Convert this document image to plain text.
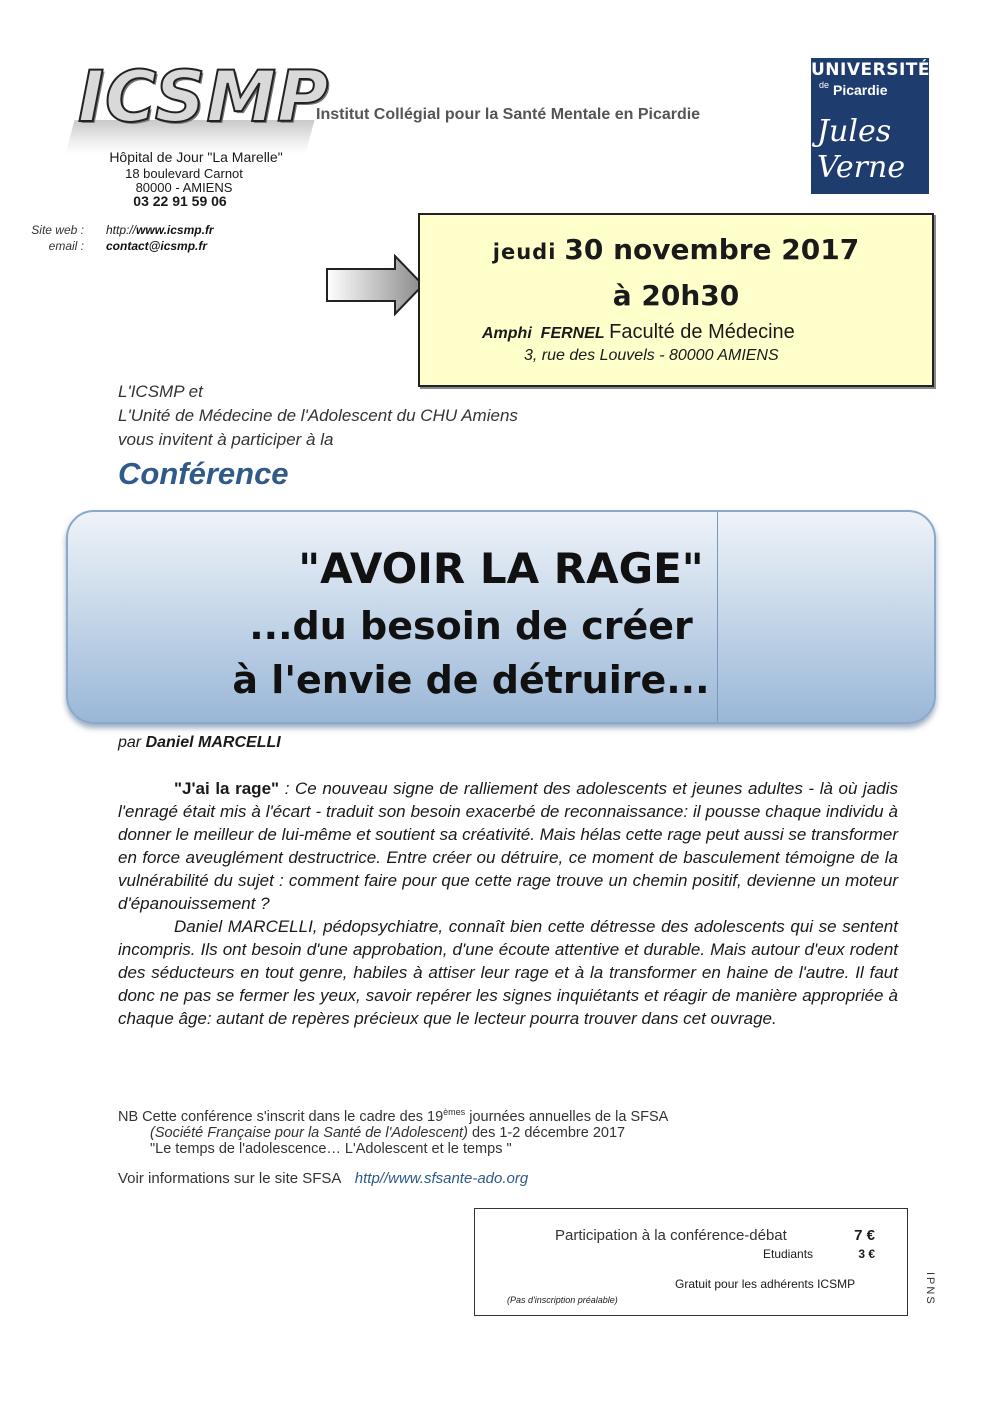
ICSMP
Hôpital de Jour "La Marelle"
18 boulevard Carnot
80000 - AMIENS
03 22 91 59 06
Site web : http://www.icsmp.fr
email : contact@icsmp.fr
Institut Collégial pour la Santé Mentale en Picardie
UNIVERSITÉ
de Picardie
Jules Verne
jeudi 30 novembre 2017
à 20h30
Amphi FERNEL Faculté de Médecine
3, rue des Louvels - 80000 AMIENS
L'ICSMP et
L'Unité de Médecine de l'Adolescent du CHU Amiens
vous invitent à participer à la
Conférence
"AVOIR LA RAGE"
...du besoin de créer
à l'envie de détruire...
par Daniel MARCELLI

"J'ai la rage" : Ce nouveau signe de ralliement des adolescents et jeunes adultes - là où jadis l'enragé était mis à l'écart - traduit son besoin exacerbé de reconnaissance: il pousse chaque individu à donner le meilleur de lui-même et soutient sa créativité. Mais hélas cette rage peut aussi se transformer en force aveuglément destructrice. Entre créer ou détruire, ce moment de basculement témoigne de la vulnérabilité du sujet : comment faire pour que cette rage trouve un chemin positif, devienne un moteur d'épanouissement ?

Daniel MARCELLI, pédopsychiatre, connaît bien cette détresse des adolescents qui se sentent incompris. Ils ont besoin d'une approbation, d'une écoute attentive et durable. Mais autour d'eux rodent des séducteurs en tout genre, habiles à attiser leur rage et à la transformer en haine de l'autre. Il faut donc ne pas se fermer les yeux, savoir repérer les signes inquiétants et réagir de manière appropriée à chaque âge: autant de repères précieux que le lecteur pourra trouver dans cet ouvrage.

NB Cette conférence s'inscrit dans le cadre des 19èmes journées annuelles de la SFSA
(Société Française pour la Santé de l'Adolescent) des 1-2 décembre 2017
"Le temps de l'adolescence… L'Adolescent et le temps "
Voir informations sur le site SFSA http//www.sfsante-ado.org
Participation à la conférence-débat	7 €
Etudiants	3 €
Gratuit pour les adhérents ICSMP
(Pas d'inscription préalable)	IPNS
